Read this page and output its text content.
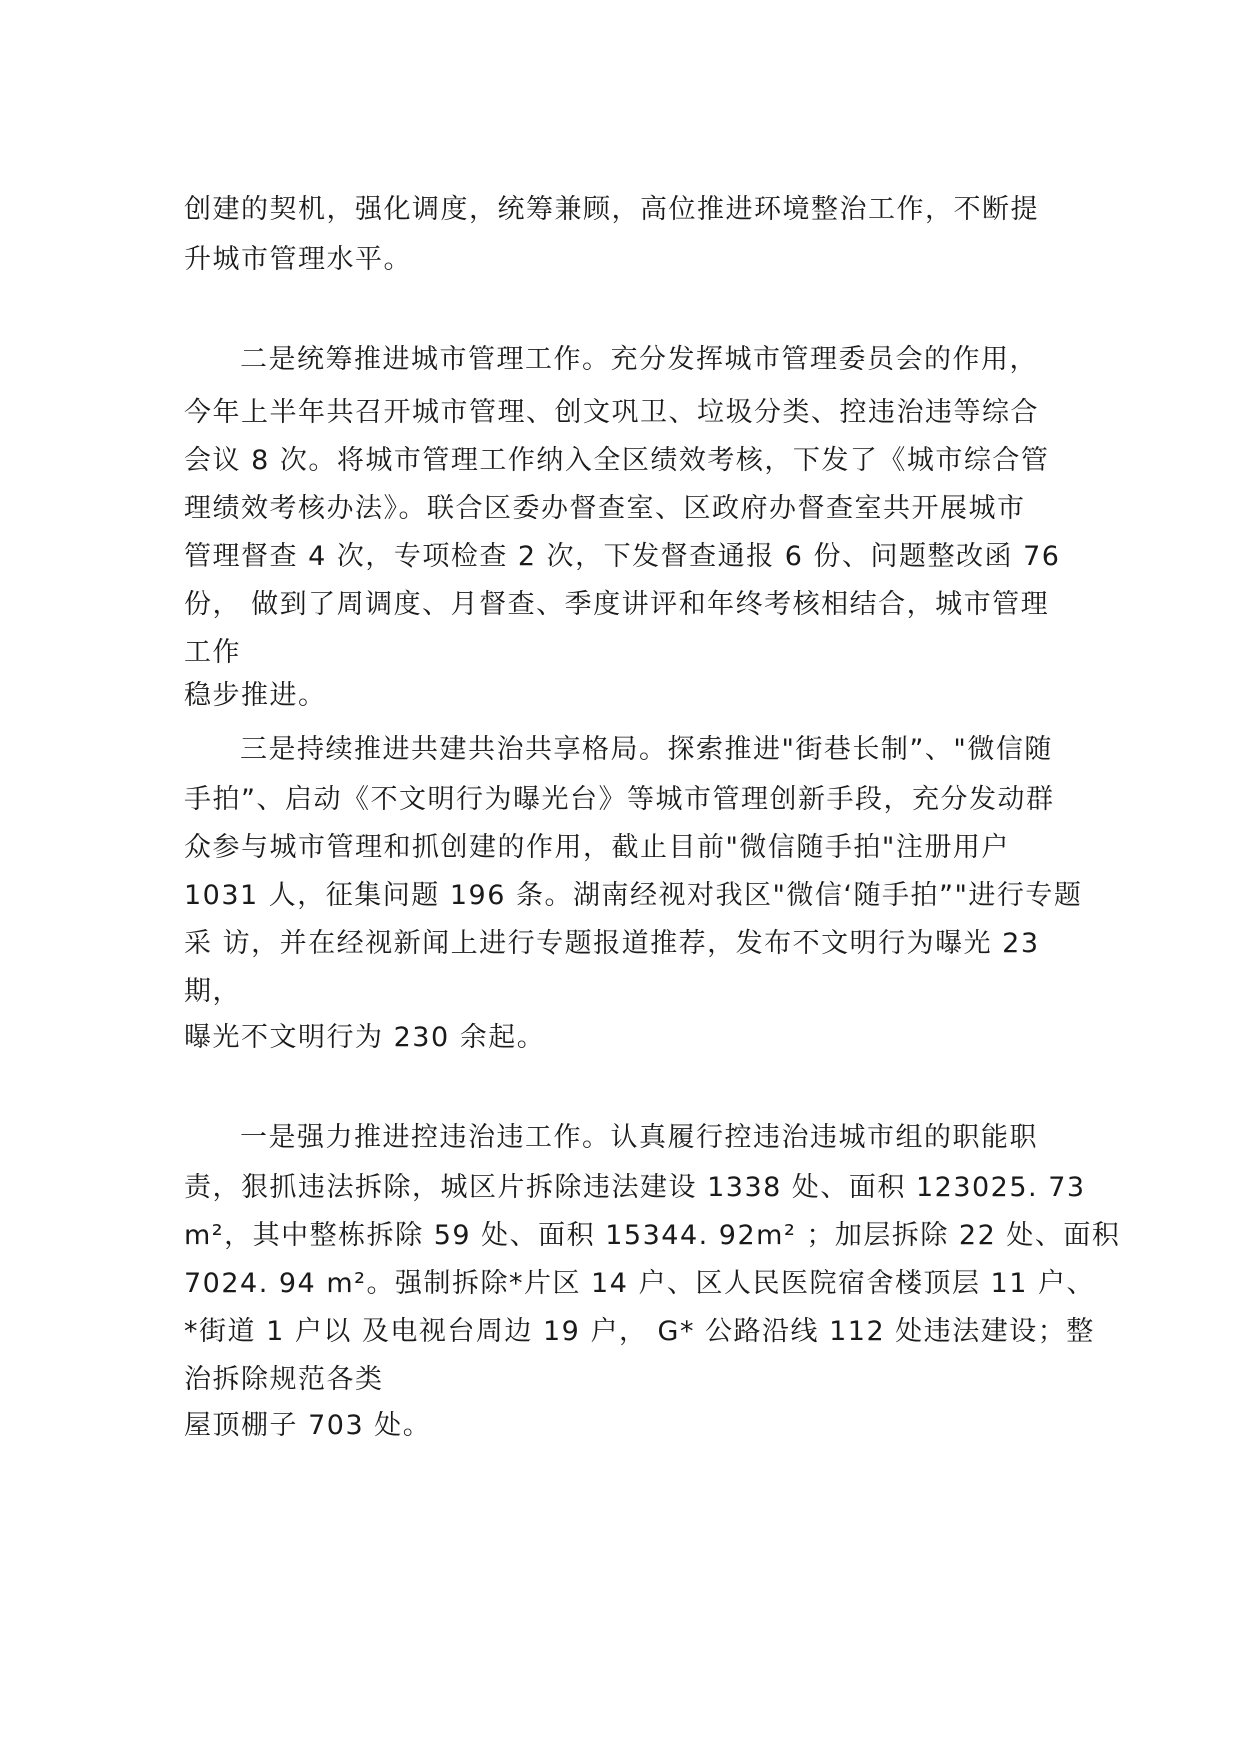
创建的契机，强化调度，统筹兼顾，高位推进环境整治工作，不断提
升城市管理水平。
二是统筹推进城市管理工作。充分发挥城市管理委员会的作用，
今年上半年共召开城市管理、创文巩卫、垃圾分类、控违治违等综合
会议 8 次。将城市管理工作纳入全区绩效考核，下发了《城市综合管
理绩效考核办法》。联合区委办督查室、区政府办督查室共开展城市
管理督查 4 次，专项检查 2 次，下发督查通报 6 份、问题整改函 76
份， 做到了周调度、月督查、季度讲评和年终考核相结合，城市管理
工作
稳步推进。
三是持续推进共建共治共享格局。探索推进"街巷长制”、"微信随
手拍”、启动《不文明行为曝光台》等城市管理创新手段，充分发动群
众参与城市管理和抓创建的作用，截止目前"微信随手拍"注册用户
1031 人，征集问题 196 条。湖南经视对我区"微信‘随手拍”"进行专题
采 访，并在经视新闻上进行专题报道推荐，发布不文明行为曝光 23
期，
曝光不文明行为 230 余起。
一是强力推进控违治违工作。认真履行控违治违城市组的职能职
责，狠抓违法拆除，城区片拆除违法建设 1338 处、面积 123025. 73
m²，其中整栋拆除 59 处、面积 15344. 92m² ；加层拆除 22 处、面积
7024. 94 m²。强制拆除*片区 14 户、区人民医院宿舍楼顶层 11 户、
*街道 1 户以 及电视台周边 19 户， G* 公路沿线 112 处违法建设；整
治拆除规范各类
屋顶棚子 703 处。
